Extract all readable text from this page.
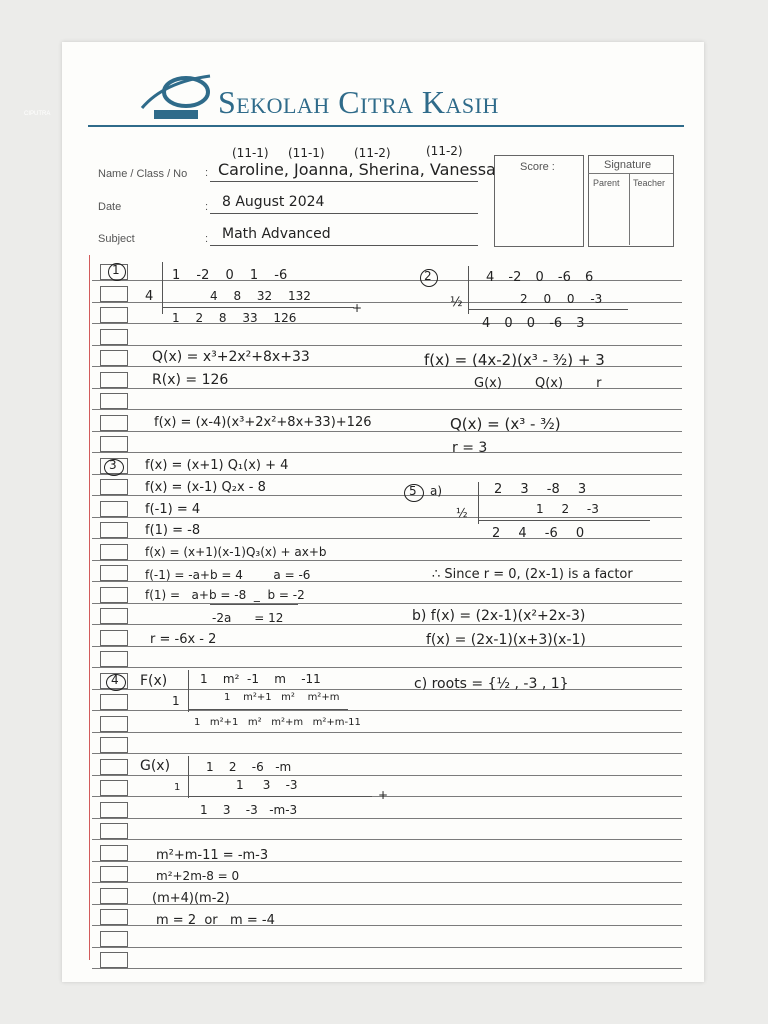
CIPUTRA	Sekolah Citra Kasih
(11-1) (11-1) (11-2)	(11-2)
Name / Class / No : Caroline, Joanna, Sherina, Vanessa
Date	: 8 August 2024
Subject	: Math Advanced
Score :	Signature
Parent Teacher
1	1 -2 0 1 -6
4	4 8 32 132
+
1 2 8 33 126
Q(x) = x³+2x²+8x+33
R(x) = 126
f(x) = (x-4)(x³+2x²+8x+33)+126
2	4 -2 0 -6 6
½	2 0 0 -3
4 0 0 -6 3
f(x) = (4x-2)(x³ - ³⁄₂) + 3
G(x)        Q(x)        r
Q(x) = (x³ - ³⁄₂)
r = 3
3 f(x) = (x+1) Q₁(x) + 4
f(x) = (x-1) Q₂x - 8
f(-1) = 4
f(1) = -8
f(x) = (x+1)(x-1)Q₃(x) + ax+b
f(-1) = -a+b = 4        a = -6
f(1) =   a+b = -8  _  b = -2
-2a      = 12
r = -6x - 2
5 a)	2 3 -8 3
½	1 2 -3
2 4 -6 0
∴ Since r = 0, (2x-1) is a factor
b) f(x) = (2x-1)(x²+2x-3)
f(x) = (2x-1)(x+3)(x-1)
c) roots = {½ , -3 , 1}
4 F(x)	1    m²  -1    m    -11
1	1    m²+1   m²    m²+m
1   m²+1   m²   m²+m   m²+m-11
G(x)	1    2    -6   -m
1	1     3    -3
+
1    3    -3   -m-3
m²+m-11 = -m-3
m²+2m-8 = 0
(m+4)(m-2)
m = 2  or   m = -4
